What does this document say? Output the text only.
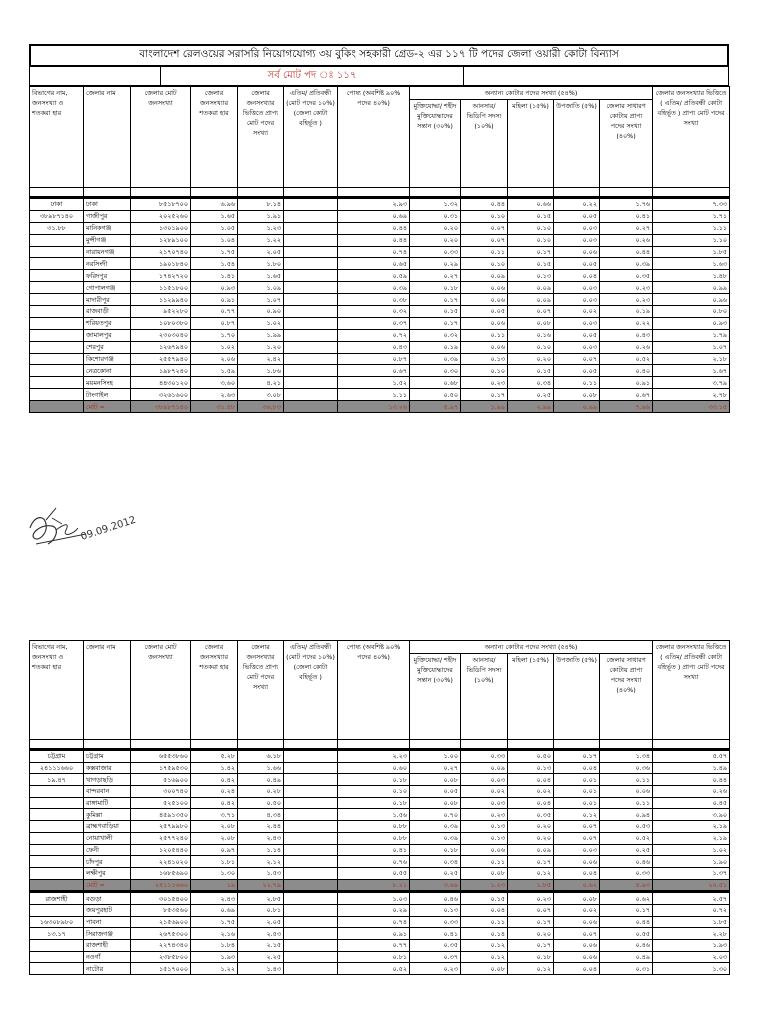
বাংলাদেশ রেলওয়ের সরাসরি নিয়োগযোগ্য ৩য় বুকিং সহকারী গ্রেড-২ এর ১১৭ টি পদের জেলা ওয়ারী কোটা বিন্যাস
সর্ব মোট পদ ঃ ১১৭
বিভাগের নাম, জনসংখ্যা ও শতকরা হার	জেলার নাম	জেলার মোট জনসংখ্যা	জেলার জনসংখ্যার শতকরা হার	জেলার জনসংখ্যার ভিত্তিতে প্রাপ্য মোট পদের সংখ্যা	এতিম/ প্রতিবন্ধী (মোট পদের ১০%) (জেলা কোটা বহির্ভূত )	পোষ্য (অবশিষ্ট ৯০% পদের ৪০%)	অন্যান্য কোটার পদের সংখ্যা (৫৪%)					জেলার জনসংখ্যার ভিত্তিতে ( এতিম/ প্রতিবন্ধী কোটা বহির্ভূত ) প্রাপ্য মোট পদের সংখ্যা
							মুক্তিযোদ্ধা/ শহীদ মুক্তিযোদ্ধাদের সন্তান (৩০%)	আনসার/ ভিডিপি সদস্য (১০%)	মহিলা (১৫%)	উপজাতি (৫%)	জেলার সাধারণ কোটায় প্রাপ্য পদের সংখ্যা (৪০%)	

ঢাকা	ঢাকা	৮৫১৮৭০০	৬.৯৬	৮.১৪		২.৯৩	১.৩২	০.৪৪	০.৬৬	০.২২	১.৭৬	৭.৩৩
৩৮৯৮৭১৪০	গাজীপুর	২০২৫২৬০	১.৬৫	১.৯১		০.৬৯	০.৩১	০.১০	০.১৫	০.০৫	০.৪১	১.৭১
৩১.৮৮	মানিকগঞ্জ	১৩০১৯০০	১.০৫	১.২৩		০.৪৪	০.২০	০.০৭	০.১০	০.০৩	০.২৭	১.১১
	মুন্সীগঞ্জ	১২৮৯১০০	১.০৪	১.২২		০.৪৪	০.২০	০.০৭	০.১০	০.০৩	০.২৬	১.১০
	নারায়নগঞ্জ	২১৭০৭৪০	১.৭৫	২.০৫		০.৭৪	০.৩৩	০.১১	০.১৭	০.০৬	০.৪৪	১.৮৫
	নরসিংদী	১৯০১৮৪০	১.৫৪	১.৮০		০.৬৫	০.২৯	০.১০	০.১৫	০.০৫	০.৩৯	১.৬৩
	ফরিদপুর	১৭৪২৭২০	১.৪১	১.৬৫		০.৫৯	০.২৭	০.০৯	০.১৩	০.০৪	০.৩৫	১.৪৮
	গোপালগঞ্জ	১১৫১৮০০	০.৯৩	১.০৯		০.৩৯	০.১৮	০.০৬	০.০৯	০.০৩	০.২৩	০.৯৯
	মাদারীপুর	১১২৯৯৪০	০.৯১	১.০৭		০.৩৮	০.১৭	০.০৬	০.০৯	০.০৩	০.২৩	০.৯৬
	রাজবাড়ী	৯৫২২৮০	০.৭৭	০.৯০		০.৩২	০.১৫	০.০৫	০.০৭	০.০২	০.১৯	০.৮০
	শরিয়তপুর	১০৮০৩৮০	০.৮৭	১.০২		০.৩৭	০.১৭	০.০৬	০.০৮	০.০৩	০.২২	০.৯৩
	জামালপুর	২৩০৩০৪০	১.৭০	১.৯৯		০.৭২	০.৩২	০.১১	০.১৬	০.০৫	০.৪৩	১.৭৯
	শেরপুর	১২৬৭৯৪০	১.০২	১.২০		০.৪৩	০.১৯	০.০৬	০.১০	০.০৩	০.২৬	১.০৭
	কিশোরগঞ্জ	২৫৫৭৯৪০	২.০৬	২.৪২		০.৮৭	০.৩৯	০.১৩	০.২০	০.০৭	০.৫২	২.১৮
	নেত্রকোনা	১৯৮৭২৪০	১.৫৯	১.৮৬		০.৬৭	০.৩০	০.১০	০.১৫	০.০৫	০.৪০	১.৬৭
	ময়মনসিংহ	৪৪৩০১২০	৩.৬০	৪.২১		১.৫২	০.৬৮	০.২৩	০.৩৪	০.১১	০.৯১	৩.৭৯
	টাংগাইল	৩২৬১৬০০	২.৬৩	৩.০৮		১.১১	০.৫০	০.১৭	০.২৫	০.০৮	০.৬৭	২.৭৮
	মোট =	৩৮৯৮৭১৪০	৩১.৪৮	৩৬.৮৩		১৩.২৬	৫.৯৭	১.৯৯	২.৯৯	০.৯৯	৭.৯৬	৩৩.১৫
09.09.2012
বিভাগের নাম, জনসংখ্যা ও শতকরা হার	জেলার নাম	জেলার মোট জনসংখ্যা	জেলার জনসংখ্যার শতকরা হার	জেলার জনসংখ্যার ভিত্তিতে প্রাপ্য মোট পদের সংখ্যা	এতিম/ প্রতিবন্ধী (মোট পদের ১০%) (জেলা কোটা বহির্ভূত )	পোষ্য (অবশিষ্ট ৯০% পদের ৪০%)	অন্যান্য কোটার পদের সংখ্যা (৫৪%)					জেলার জনসংখ্যার ভিত্তিতে ( এতিম/ প্রতিবন্ধী কোটা বহির্ভূত ) প্রাপ্য মোট পদের সংখ্যা
							মুক্তিযোদ্ধা/ শহীদ মুক্তিযোদ্ধাদের সন্তান (৩০%)	আনসার/ ভিডিপি সদস্য (১০%)	মহিলা (১৫%)	উপজাতি (৫%)	জেলার সাধারণ কোটায় প্রাপ্য পদের সংখ্যা (৪০%)	

চট্টগ্রাম	চট্টগ্রাম	৬৫৫৩৮৬০	৫.২৮	৬.১৮		২.২৩	১.০০	০.৩৩	০.৫০	০.১৭	১.৩৪	৫.৫৭
২৪১১১৬৬০	কক্সবাজার	১৭৫৯৫৩০	১.৪২	১.৬৬		০.৬০	০.২৭	০.০৯	০.১৩	০.০৪	০.৩৬	১.৪৯
১৯.৪৭	খাগড়াছড়ি	৫১৬৯০০	০.৪২	০.৪৯		০.১৮	০.০৮	০.০৩	০.০৪	০.০১	০.১১	০.৪৪
	বান্দরবান	৩০০৭৪০	০.২৪	০.২৮		০.১০	০.০৫	০.০২	০.০২	০.০১	০.০৬	০.২৬
	রাঙ্গামাটি	৫২৫১০০	০.৪২	০.৫০		০.১৮	০.০৮	০.০৩	০.০৪	০.০১	০.১১	০.৪৫
	কুমিল্লা	৪৫৯১৩৫০	৩.৭১	৪.৩৪		১.৫৬	০.৭০	০.২৩	০.৩৫	০.১২	০.৯৪	৩.৯০
	ব্রাহ্মণবাড়িয়া	২৫৭৯৯৮০	২.০৮	২.৪৪		০.৮৮	০.৩৯	০.১৩	০.২০	০.০৭	০.৫৩	২.১৯
	নোয়াখালী	২৫৭৭২৪০	২.০৮	২.৪৩		০.৮৮	০.৩৯	০.১৩	০.২০	০.০৭	০.৫২	২.১৯
	ফেনী	১২০৫৪৪০	০.৯৭	১.১৪		০.৪১	০.১৮	০.০৬	০.০৯	০.০৩	০.২৫	১.০২
	চাঁদপুর	২২৪১০২০	১.৮১	২.১২		০.৭৬	০.৩৪	০.১১	০.১৭	০.০৬	০.৪৬	১.৯০
	লক্ষীপুর	১৬৮৫৬৯০	১.৩০	১.৫৩		০.৫৫	০.২৫	০.০৮	০.১২	০.০৪	০.৩৩	১.৩৭
	মোট =	২৪১১১৬৬০	১৯	২২.৭৯		৮.২১	৩.৬৯	১.২৩	১.৮৫	০.৬২	৪.৯৩	২০.৫১
রাজশাহী	বগুড়া	৩০১৫৪০০	২.৪৩	২.৮৫		১.০৩	০.৪৬	০.১৫	০.২৩	০.০৮	০.৬২	২.৫৭
	জয়পুরহাট	৮৫৩৫৬০	০.৬৯	০.৮১		০.২৯	০.১৩	০.০৪	০.০৭	০.০২	০.১৭	০.৭২
১৬৩০৮৯৮০	পাবনা	২১৫৬৯০০	১.৭৫	২.০৫		০.৭৪	০.৩৩	০.১১	০.১৭	০.০৬	০.৪৪	১.৮৫
১৩.১৭	সিরাজগঞ্জ	২৬৭৫৩০০	২.১৬	২.৫৩		০.৯১	০.৪১	০.১৪	০.২০	০.০৭	০.৫৫	২.২৮
	রাজশাহী	২২৭৪৩৪০	১.৮৪	২.১৫		০.৭৭	০.৩৫	০.১২	০.১৭	০.০৬	০.৪৬	১.৯৩
	নওগাঁ	২৩৮৫৮০০	১.৯৩	২.২৫		০.৮১	০.৩৭	০.১২	০.১৮	০.০৬	০.৪৯	২.০৩
	নাটোর	১৫১৭০০০	১.২২	১.৪৩		০.৫২	০.২৩	০.০৮	০.১২	০.০৪	০.৩১	১.৩০
